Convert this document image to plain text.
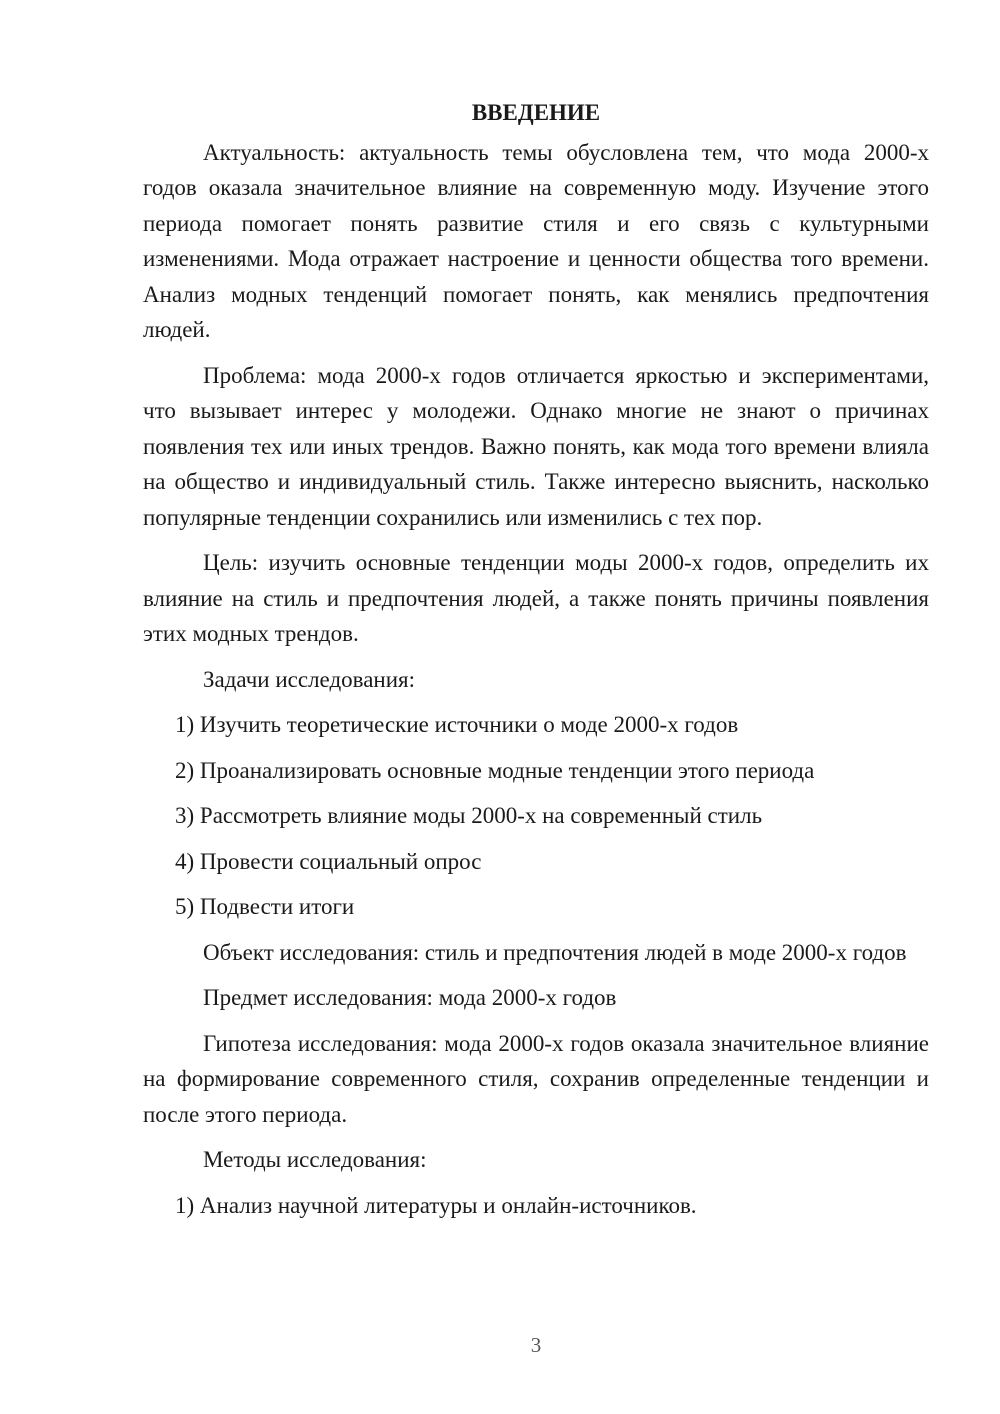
ВВЕДЕНИЕ
Актуальность: актуальность темы обусловлена тем, что мода 2000-х годов оказала значительное влияние на современную моду. Изучение этого периода помогает понять развитие стиля и его связь с культурными изменениями. Мода отражает настроение и ценности общества того времени. Анализ модных тенденций помогает понять, как менялись предпочтения людей.
Проблема: мода 2000-х годов отличается яркостью и экспериментами, что вызывает интерес у молодежи. Однако многие не знают о причинах появления тех или иных трендов. Важно понять, как мода того времени влияла на общество и индивидуальный стиль. Также интересно выяснить, насколько популярные тенденции сохранились или изменились с тех пор.
Цель: изучить основные тенденции моды 2000-х годов, определить их влияние на стиль и предпочтения людей, а также понять причины появления этих модных трендов.
Задачи исследования:
1) Изучить теоретические источники о моде 2000-х годов
2) Проанализировать основные модные тенденции этого периода
3) Рассмотреть влияние моды 2000-х на современный стиль
4) Провести социальный опрос
5) Подвести итоги
Объект исследования: стиль и предпочтения людей в моде 2000-х годов
Предмет исследования: мода 2000-х годов
Гипотеза исследования: мода 2000-х годов оказала значительное влияние на формирование современного стиля, сохранив определенные тенденции и после этого периода.
Методы исследования:
1) Анализ научной литературы и онлайн-источников.
3
